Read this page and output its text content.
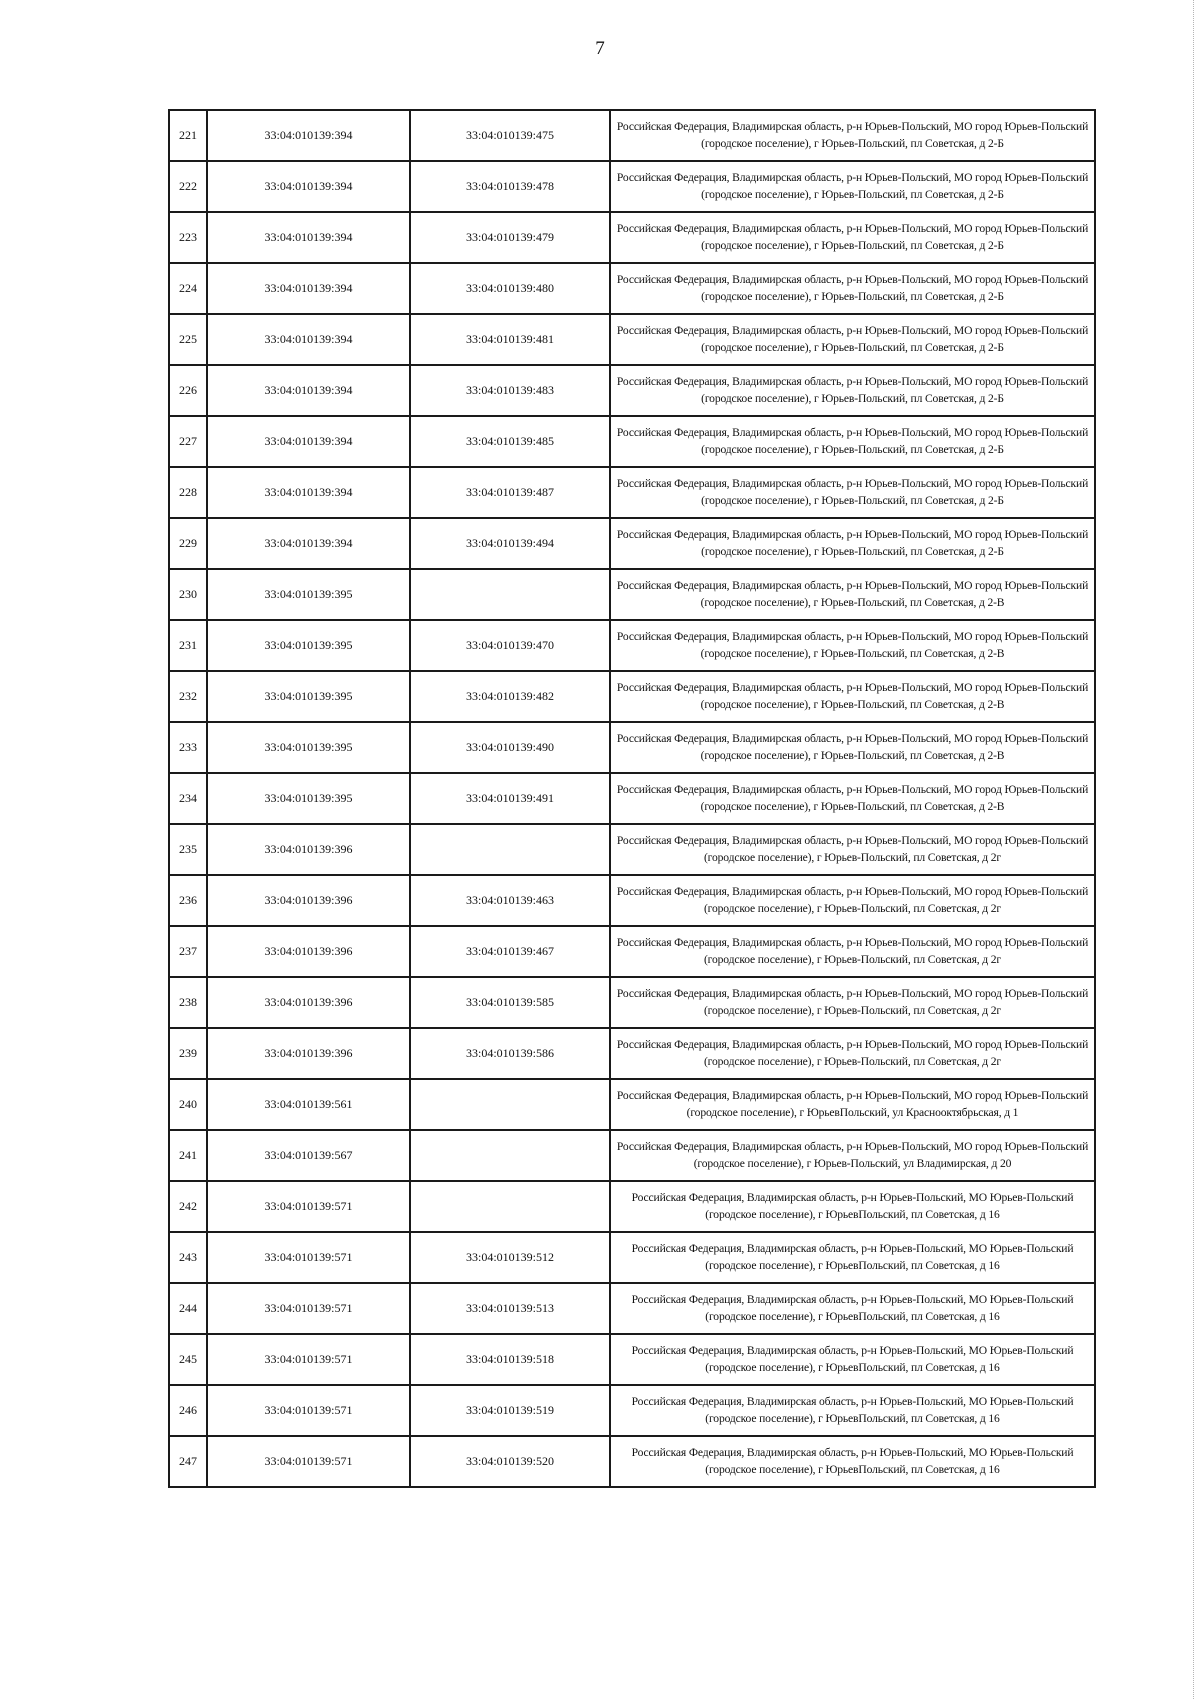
7
221	33:04:010139:394	33:04:010139:475	Российская Федерация, Владимирская область, р-н Юрьев-Польский, МО город Юрьев-Польский (городское поселение), г Юрьев-Польский, пл Советская, д 2-Б
222	33:04:010139:394	33:04:010139:478	Российская Федерация, Владимирская область, р-н Юрьев-Польский, МО город Юрьев-Польский (городское поселение), г Юрьев-Польский, пл Советская, д 2-Б
223	33:04:010139:394	33:04:010139:479	Российская Федерация, Владимирская область, р-н Юрьев-Польский, МО город Юрьев-Польский (городское поселение), г Юрьев-Польский, пл Советская, д 2-Б
224	33:04:010139:394	33:04:010139:480	Российская Федерация, Владимирская область, р-н Юрьев-Польский, МО город Юрьев-Польский (городское поселение), г Юрьев-Польский, пл Советская, д 2-Б
225	33:04:010139:394	33:04:010139:481	Российская Федерация, Владимирская область, р-н Юрьев-Польский, МО город Юрьев-Польский (городское поселение), г Юрьев-Польский, пл Советская, д 2-Б
226	33:04:010139:394	33:04:010139:483	Российская Федерация, Владимирская область, р-н Юрьев-Польский, МО город Юрьев-Польский (городское поселение), г Юрьев-Польский, пл Советская, д 2-Б
227	33:04:010139:394	33:04:010139:485	Российская Федерация, Владимирская область, р-н Юрьев-Польский, МО город Юрьев-Польский (городское поселение), г Юрьев-Польский, пл Советская, д 2-Б
228	33:04:010139:394	33:04:010139:487	Российская Федерация, Владимирская область, р-н Юрьев-Польский, МО город Юрьев-Польский (городское поселение), г Юрьев-Польский, пл Советская, д 2-Б
229	33:04:010139:394	33:04:010139:494	Российская Федерация, Владимирская область, р-н Юрьев-Польский, МО город Юрьев-Польский (городское поселение), г Юрьев-Польский, пл Советская, д 2-Б
230	33:04:010139:395		Российская Федерация, Владимирская область, р-н Юрьев-Польский, МО город Юрьев-Польский (городское поселение), г Юрьев-Польский, пл Советская, д 2-В
231	33:04:010139:395	33:04:010139:470	Российская Федерация, Владимирская область, р-н Юрьев-Польский, МО город Юрьев-Польский (городское поселение), г Юрьев-Польский, пл Советская, д 2-В
232	33:04:010139:395	33:04:010139:482	Российская Федерация, Владимирская область, р-н Юрьев-Польский, МО город Юрьев-Польский (городское поселение), г Юрьев-Польский, пл Советская, д 2-В
233	33:04:010139:395	33:04:010139:490	Российская Федерация, Владимирская область, р-н Юрьев-Польский, МО город Юрьев-Польский (городское поселение), г Юрьев-Польский, пл Советская, д 2-В
234	33:04:010139:395	33:04:010139:491	Российская Федерация, Владимирская область, р-н Юрьев-Польский, МО город Юрьев-Польский (городское поселение), г Юрьев-Польский, пл Советская, д 2-В
235	33:04:010139:396		Российская Федерация, Владимирская область, р-н Юрьев-Польский, МО город Юрьев-Польский (городское поселение), г Юрьев-Польский, пл Советская, д 2г
236	33:04:010139:396	33:04:010139:463	Российская Федерация, Владимирская область, р-н Юрьев-Польский, МО город Юрьев-Польский (городское поселение), г Юрьев-Польский, пл Советская, д 2г
237	33:04:010139:396	33:04:010139:467	Российская Федерация, Владимирская область, р-н Юрьев-Польский, МО город Юрьев-Польский (городское поселение), г Юрьев-Польский, пл Советская, д 2г
238	33:04:010139:396	33:04:010139:585	Российская Федерация, Владимирская область, р-н Юрьев-Польский, МО город Юрьев-Польский (городское поселение), г Юрьев-Польский, пл Советская, д 2г
239	33:04:010139:396	33:04:010139:586	Российская Федерация, Владимирская область, р-н Юрьев-Польский, МО город Юрьев-Польский (городское поселение), г Юрьев-Польский, пл Советская, д 2г
240	33:04:010139:561		Российская Федерация, Владимирская область, р-н Юрьев-Польский, МО город Юрьев-Польский (городское поселение), г ЮрьевПольский, ул Краснооктябрьская, д 1
241	33:04:010139:567		Российская Федерация, Владимирская область, р-н Юрьев-Польский, МО город Юрьев-Польский (городское поселение), г Юрьев-Польский, ул Владимирская, д 20
242	33:04:010139:571		Российская Федерация, Владимирская область, р-н Юрьев-Польский, МО Юрьев-Польский (городское поселение), г ЮрьевПольский, пл Советская, д 16
243	33:04:010139:571	33:04:010139:512	Российская Федерация, Владимирская область, р-н Юрьев-Польский, МО Юрьев-Польский (городское поселение), г ЮрьевПольский, пл Советская, д 16
244	33:04:010139:571	33:04:010139:513	Российская Федерация, Владимирская область, р-н Юрьев-Польский, МО Юрьев-Польский (городское поселение), г ЮрьевПольский, пл Советская, д 16
245	33:04:010139:571	33:04:010139:518	Российская Федерация, Владимирская область, р-н Юрьев-Польский, МО Юрьев-Польский (городское поселение), г ЮрьевПольский, пл Советская, д 16
246	33:04:010139:571	33:04:010139:519	Российская Федерация, Владимирская область, р-н Юрьев-Польский, МО Юрьев-Польский (городское поселение), г ЮрьевПольский, пл Советская, д 16
247	33:04:010139:571	33:04:010139:520	Российская Федерация, Владимирская область, р-н Юрьев-Польский, МО Юрьев-Польский (городское поселение), г ЮрьевПольский, пл Советская, д 16
